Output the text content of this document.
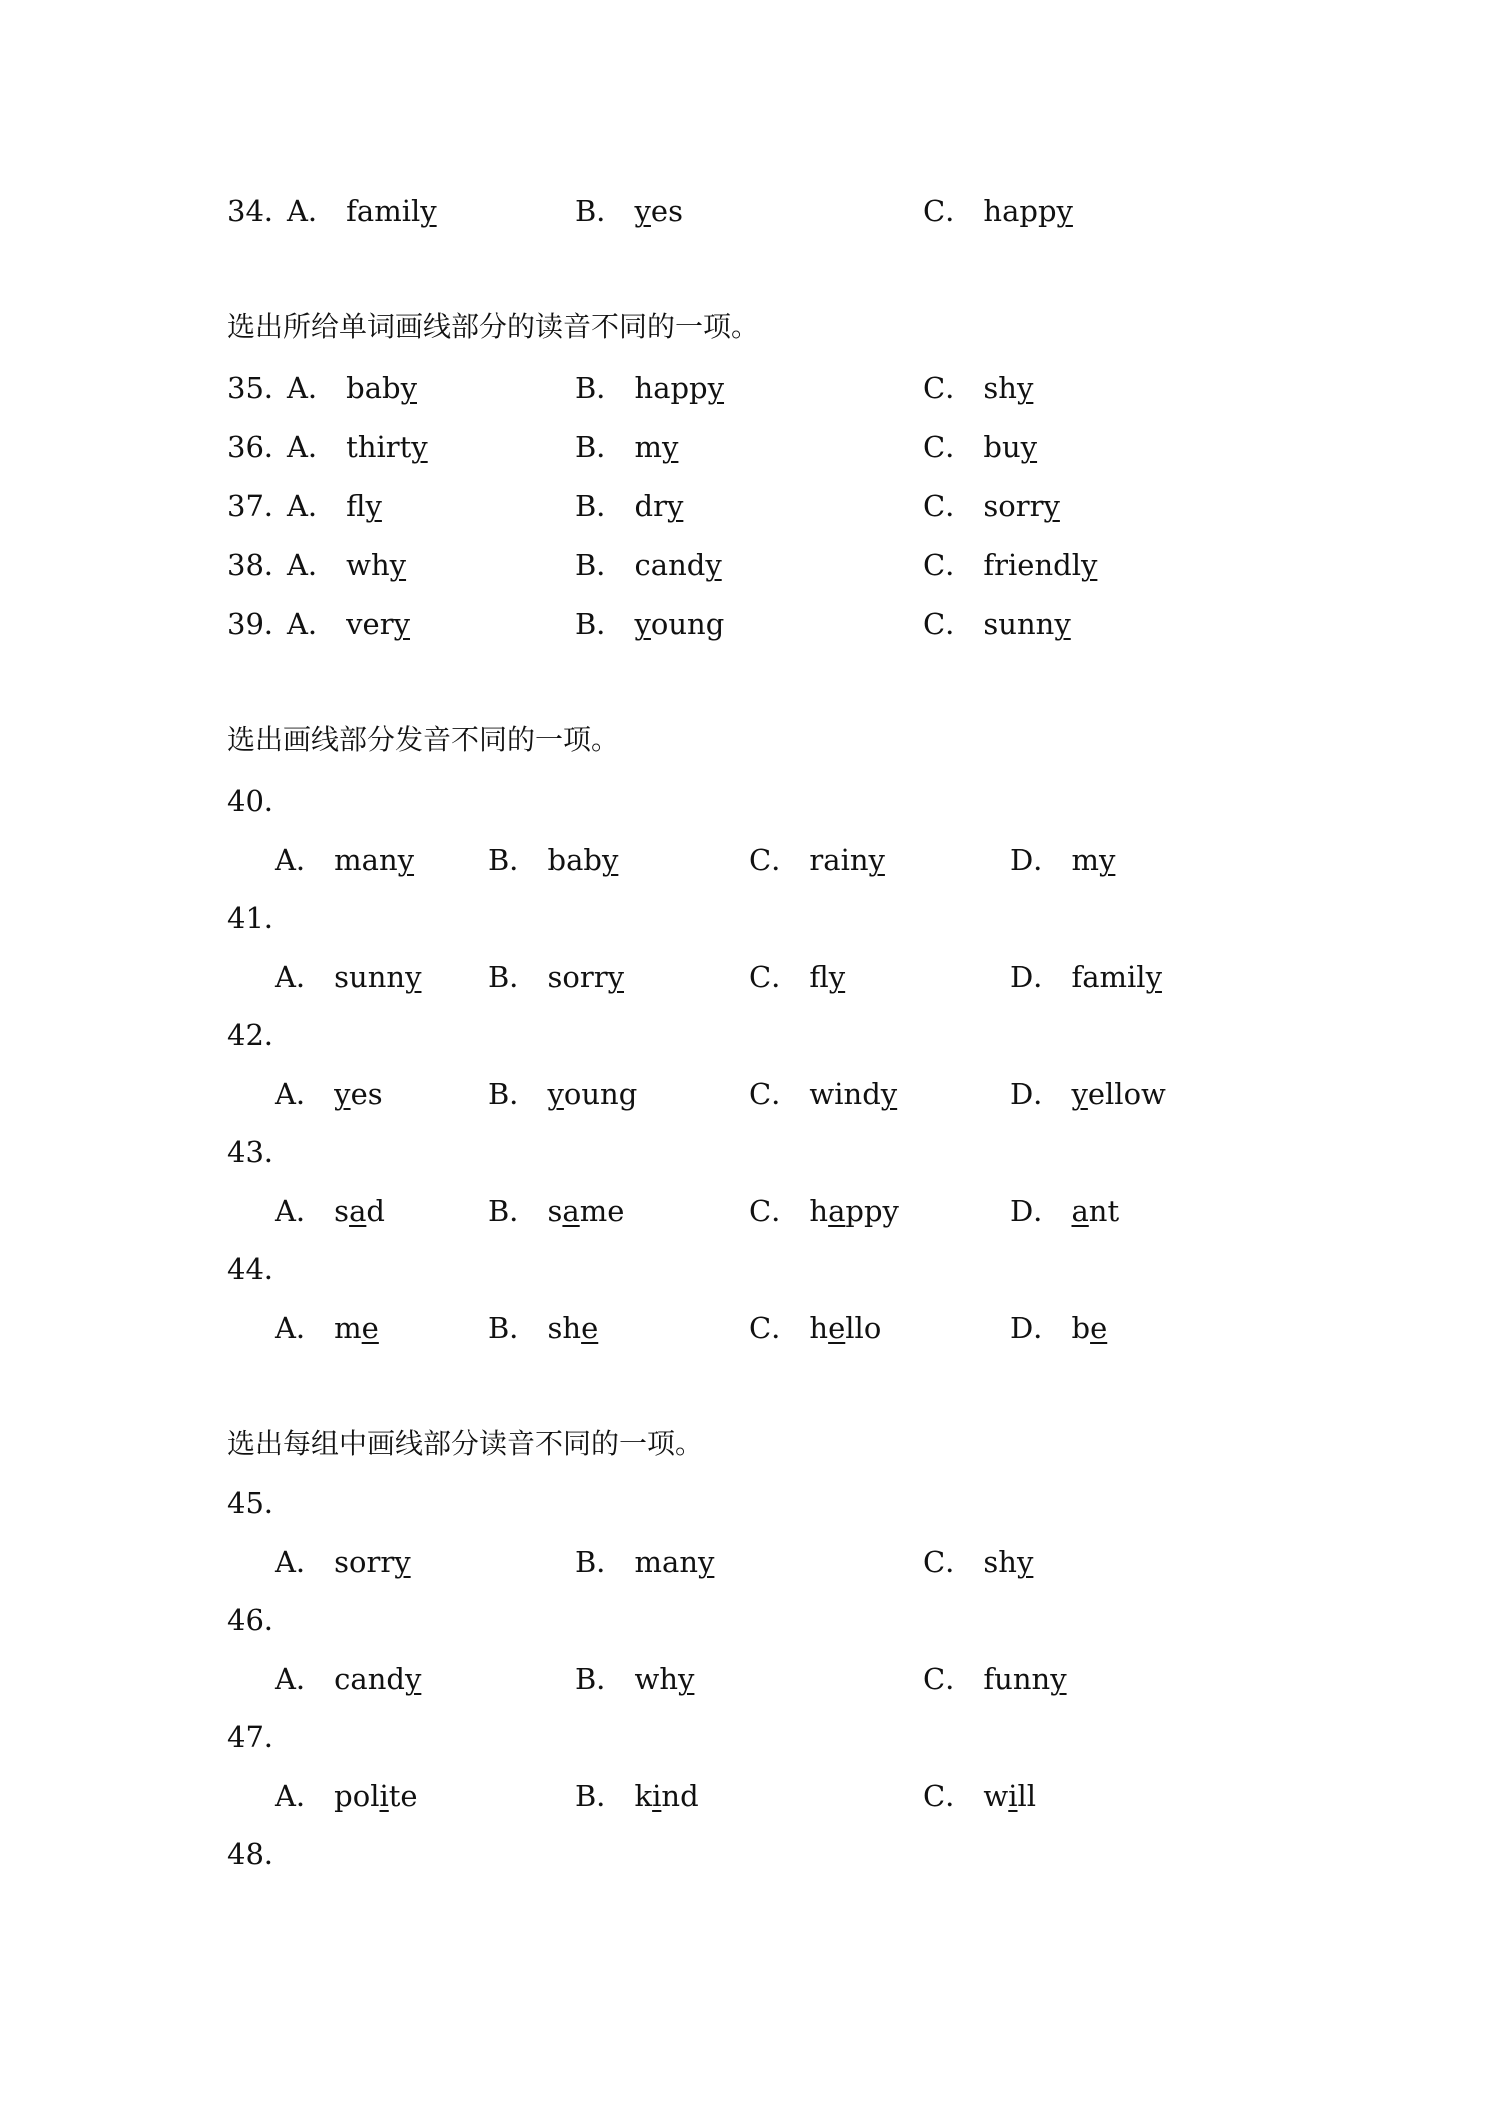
34．
A． family	B． yes	C． happy
选出所给单词画线部分的读音不同的一项。
35．
A． baby	B． happy	C． shy
36．
A． thirty	B． my	C． buy
37．
A． fly	B． dry	C． sorry
38．
A． why	B． candy	C． friendly
39．
A． very	B． young	C． sunny
选出画线部分发音不同的一项。
40．
A． many	B． baby	C． rainy	D． my
41．
A． sunny B． sorry	C． fly	D． family
42．
A． yes	B． young	C． windy	D． yellow
43．
A． sad	B． same	C． happy	D． ant
44．
A． me	B． she	C． hello	D． be
选出每组中画线部分读音不同的一项。
45．
A． sorry	B． many	C． shy
46．
A． candy	B． why	C． funny
47．
A． polite	B． kind	C． will
48．
